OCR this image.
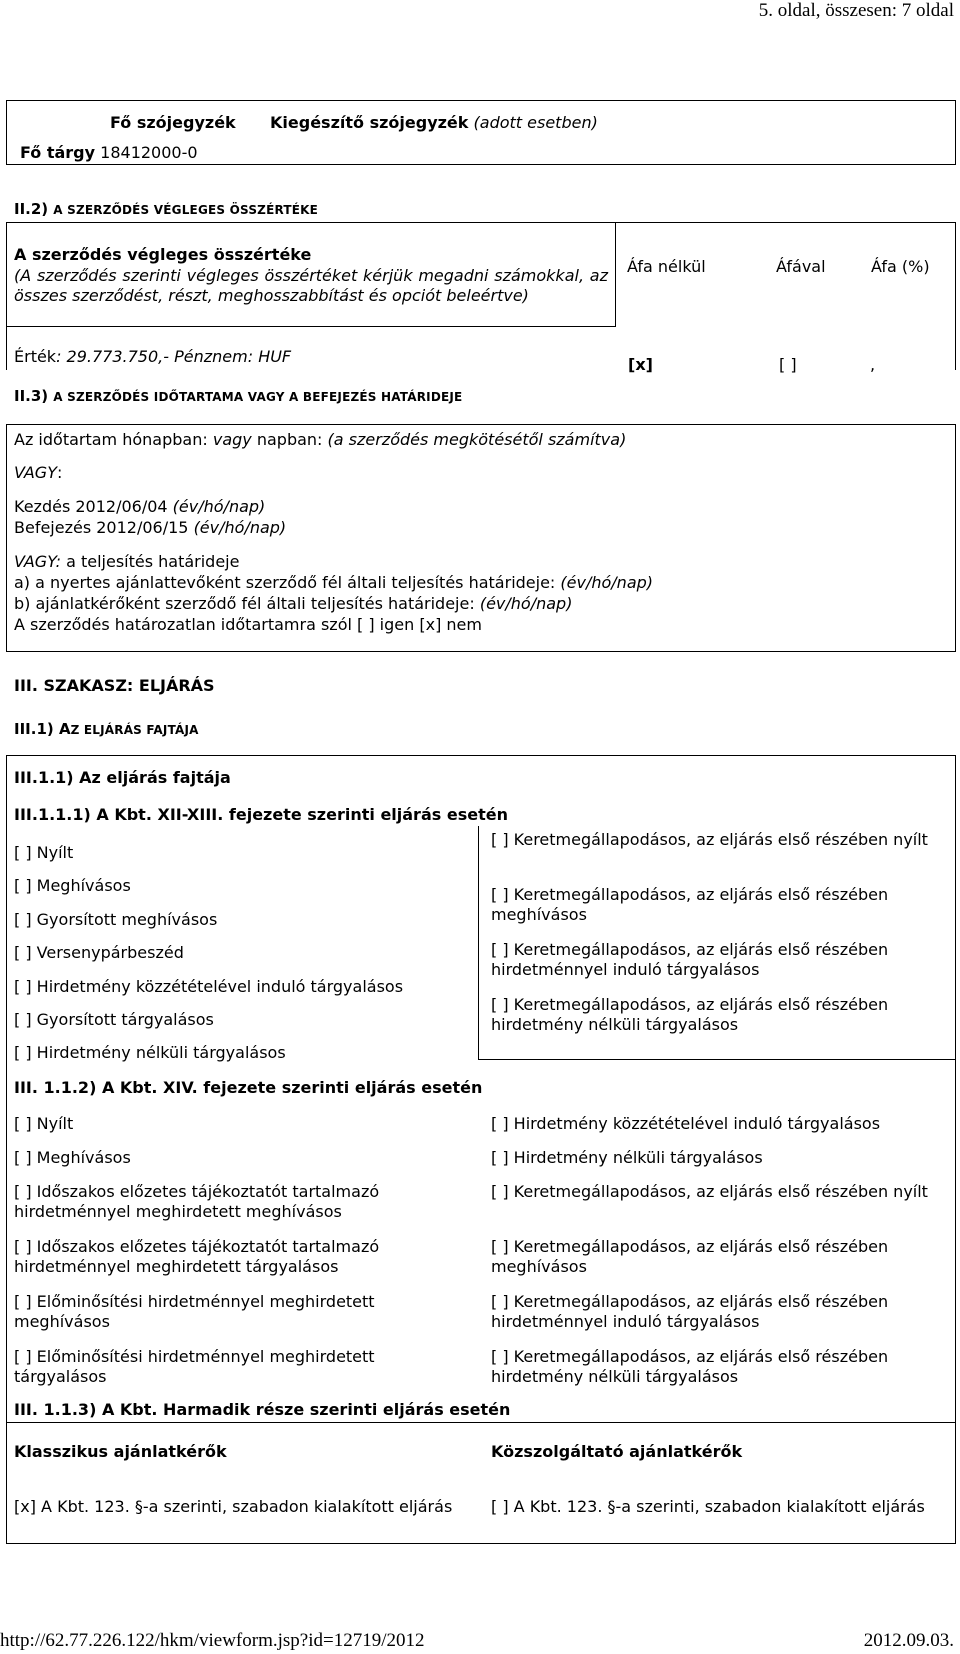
5. oldal, összesen: 7 oldal
Fő szójegyzék Kiegészítő szójegyzék (adott esetben)
Fő tárgy 18412000-0
II.2) A SZERZŐDÉS VÉGLEGES ÖSSZÉRTÉKE
A szerződés végleges összértéke
(A szerződés szerinti végleges összértéket kérjük megadni számokkal, az összes szerződést, részt, meghosszabbítást és opciót beleértve)
Áfa nélkül	Áfával	Áfa (%)
Érték: 29.773.750,- Pénznem: HUF	[x]	[ ]	,
II.3) A SZERZŐDÉS IDŐTARTAMA VAGY A BEFEJEZÉS HATÁRIDEJE
Az időtartam hónapban: vagy napban: (a szerződés megkötésétől számítva)
VAGY:
Kezdés 2012/06/04 (év/hó/nap)
Befejezés 2012/06/15 (év/hó/nap)
VAGY: a teljesítés határideje
a) a nyertes ajánlattevőként szerződő fél általi teljesítés határideje: (év/hó/nap)
b) ajánlatkérőként szerződő fél általi teljesítés határideje: (év/hó/nap)
A szerződés határozatlan időtartamra szól [ ] igen [x] nem
III. SZAKASZ: ELJÁRÁS
III.1) AZ ELJÁRÁS FAJTÁJA
III.1.1) Az eljárás fajtája
III.1.1.1) A Kbt. XII-XIII. fejezete szerinti eljárás esetén
[ ] Nyílt
[ ] Meghívásos
[ ] Gyorsított meghívásos
[ ] Versenypárbeszéd
[ ] Hirdetmény közzétételével induló tárgyalásos
[ ] Gyorsított tárgyalásos
[ ] Hirdetmény nélküli tárgyalásos
[ ] Keretmegállapodásos, az eljárás első részében nyílt
[ ] Keretmegállapodásos, az eljárás első részében meghívásos
[ ] Keretmegállapodásos, az eljárás első részében hirdetménnyel induló tárgyalásos
[ ] Keretmegállapodásos, az eljárás első részében hirdetmény nélküli tárgyalásos
III. 1.1.2) A Kbt. XIV. fejezete szerinti eljárás esetén
[ ] Nyílt
[ ] Meghívásos
[ ] Időszakos előzetes tájékoztatót tartalmazó hirdetménnyel meghirdetett meghívásos
[ ] Időszakos előzetes tájékoztatót tartalmazó hirdetménnyel meghirdetett tárgyalásos
[ ] Előminősítési hirdetménnyel meghirdetett meghívásos
[ ] Előminősítési hirdetménnyel meghirdetett tárgyalásos
[ ] Hirdetmény közzétételével induló tárgyalásos
[ ] Hirdetmény nélküli tárgyalásos
[ ] Keretmegállapodásos, az eljárás első részében nyílt
[ ] Keretmegállapodásos, az eljárás első részében meghívásos
[ ] Keretmegállapodásos, az eljárás első részében hirdetménnyel induló tárgyalásos
[ ] Keretmegállapodásos, az eljárás első részében hirdetmény nélküli tárgyalásos
III. 1.1.3) A Kbt. Harmadik része szerinti eljárás esetén
Klasszikus ajánlatkérők	Közszolgáltató ajánlatkérők
[x] A Kbt. 123. §-a szerinti, szabadon kialakított eljárás [ ] A Kbt. 123. §-a szerinti, szabadon kialakított eljárás
http://62.77.226.122/hkm/viewform.jsp?id=12719/2012	2012.09.03.
